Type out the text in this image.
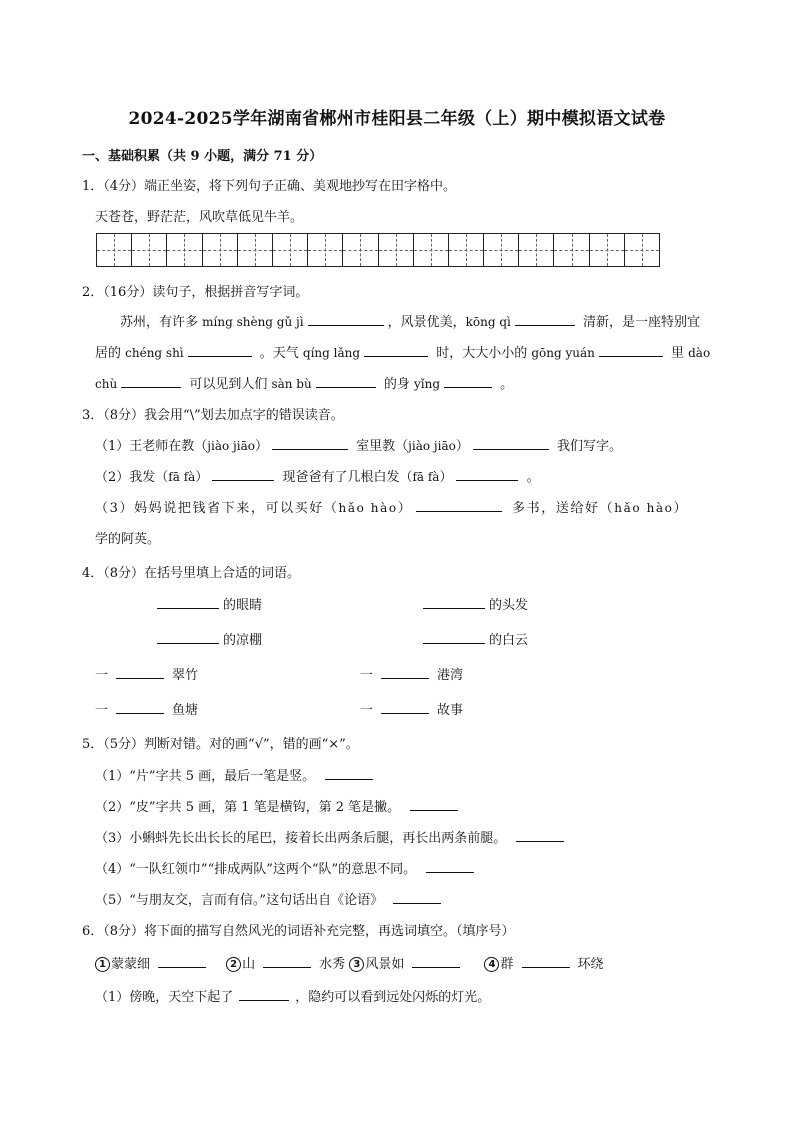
2024-2025学年湖南省郴州市桂阳县二年级（上）期中模拟语文试卷
一、基础积累（共 9 小题，满分 71 分）
1．（4分）端正坐姿，将下列句子正确、美观地抄写在田字格中。
天苍苍，野茫茫，风吹草低见牛羊。
2．（16分）读句子，根据拼音写字词。
苏州，有许多 míng shèng gǔ jì	，风景优美，kōng qì	清新，是一座特别宜
居的 chéng shì	。天气 qíng lǎng	时，大大小小的 gōng yuán	里 dào
chù	可以见到人们 sàn bù	的身 yǐng	。
3．（8分）我会用“\”划去加点字的错误读音。
（1）王老师在教（jiào jiāo）	室里教（jiào jiāo）	我们写字。
（2）我发（fā fà）	现爸爸有了几根白发（fā fà）	。
（3）妈妈说把钱省下来，可以买好（hǎo hào）	多书，送给好（hǎo hào）
学的阿英。
4．（8分）在括号里填上合适的词语。
的眼睛	的头发
的凉棚	的白云
一	翠竹	一	港湾
一	鱼塘	一	故事
5．（5分）判断对错。对的画“√”，错的画“×”。
（1）“片”字共 5 画，最后一笔是竖。
（2）“皮”字共 5 画，第 1 笔是横钩，第 2 笔是撇。
（3）小蝌蚪先长出长长的尾巴，接着长出两条后腿，再长出两条前腿。
（4）“一队红领巾”“排成两队”这两个“队”的意思不同。
（5）“与朋友交，言而有信。”这句话出自《论语》
6．（8分）将下面的描写自然风光的词语补充完整，再选词填空。（填序号）
1 蒙蒙细	2 山	水秀 3 风景如	4 群	环绕
（1）傍晚，天空下起了	，隐约可以看到远处闪烁的灯光。
